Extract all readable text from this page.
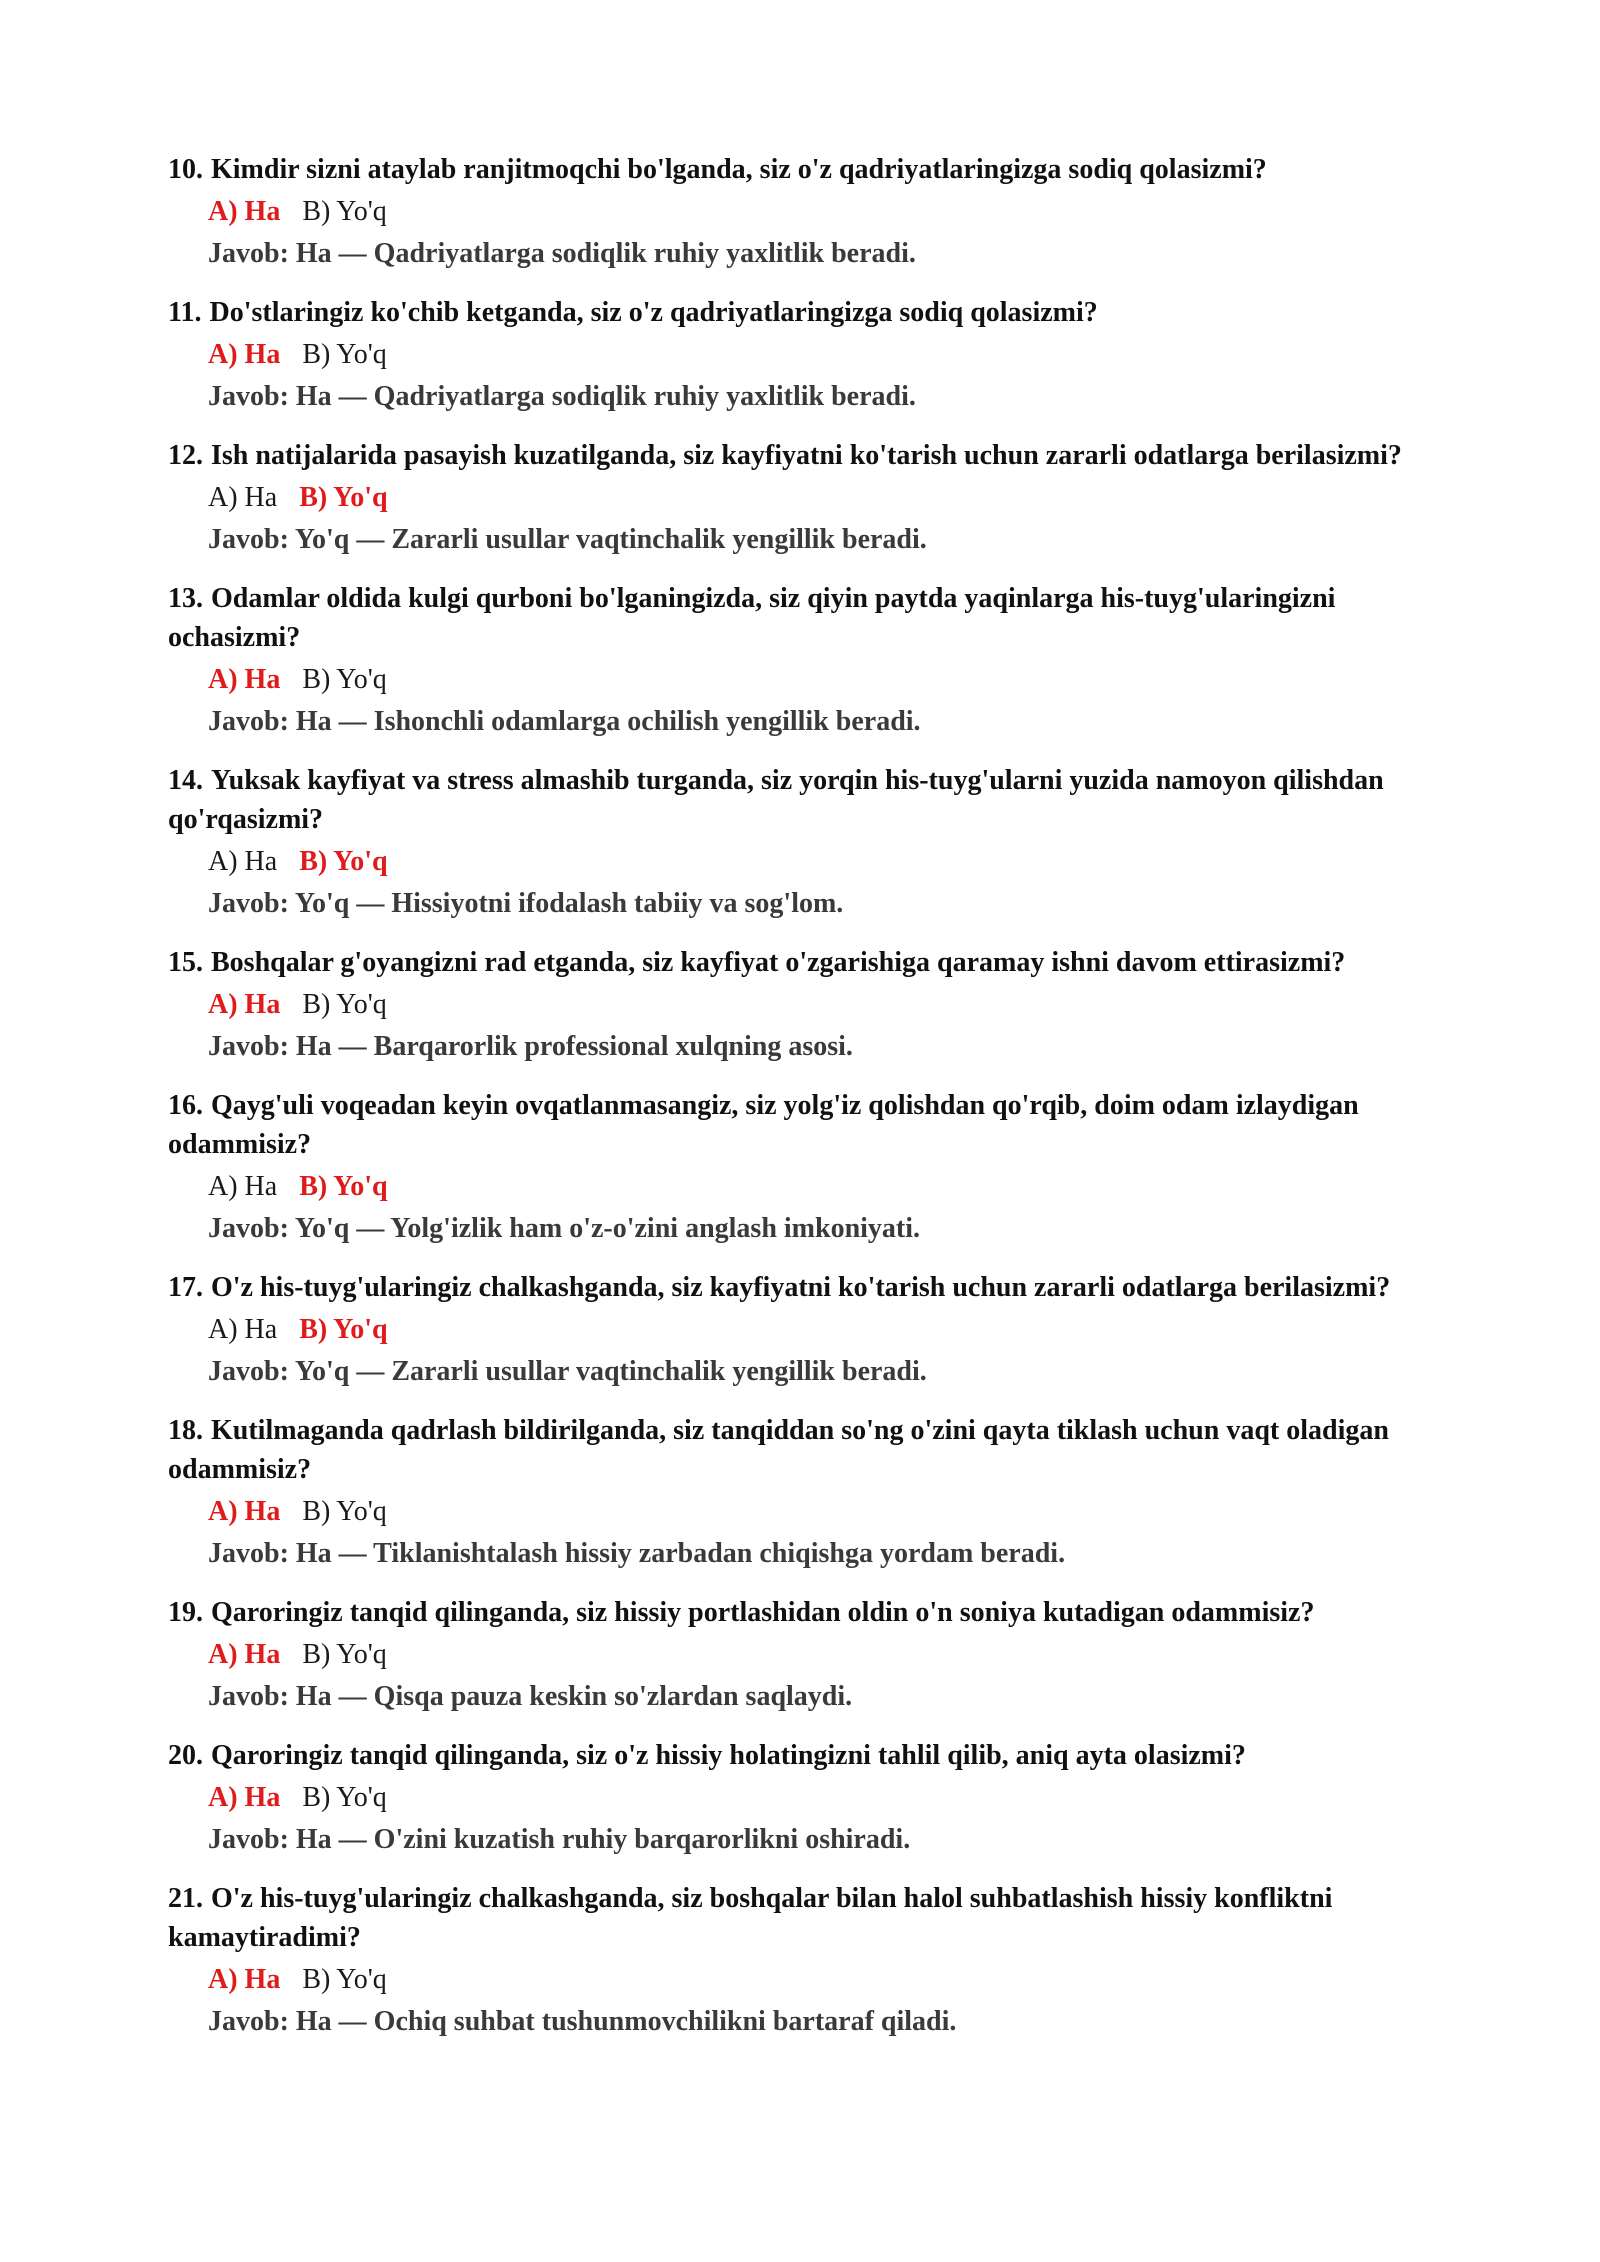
10. Kimdir sizni ataylab ranjitmoqchi bo'lganda, siz o'z qadriyatlaringizga sodiq qolasizmi?
A) Ha B) Yo'q
Javob: Ha — Qadriyatlarga sodiqlik ruhiy yaxlitlik beradi.
11. Do'stlaringiz ko'chib ketganda, siz o'z qadriyatlaringizga sodiq qolasizmi?
A) Ha B) Yo'q
Javob: Ha — Qadriyatlarga sodiqlik ruhiy yaxlitlik beradi.
12. Ish natijalarida pasayish kuzatilganda, siz kayfiyatni ko'tarish uchun zararli odatlarga berilasizmi?
A) Ha B) Yo'q
Javob: Yo'q — Zararli usullar vaqtinchalik yengillik beradi.
13. Odamlar oldida kulgi qurboni bo'lganingizda, siz qiyin paytda yaqinlarga his-tuyg'ularingizni ochasizmi?
A) Ha B) Yo'q
Javob: Ha — Ishonchli odamlarga ochilish yengillik beradi.
14. Yuksak kayfiyat va stress almashib turganda, siz yorqin his-tuyg'ularni yuzida namoyon qilishdan qo'rqasizmi?
A) Ha B) Yo'q
Javob: Yo'q — Hissiyotni ifodalash tabiiy va sog'lom.
15. Boshqalar g'oyangizni rad etganda, siz kayfiyat o'zgarishiga qaramay ishni davom ettirasizmi?
A) Ha B) Yo'q
Javob: Ha — Barqarorlik professional xulqning asosi.
16. Qayg'uli voqeadan keyin ovqatlanmasangiz, siz yolg'iz qolishdan qo'rqib, doim odam izlaydigan odammisiz?
A) Ha B) Yo'q
Javob: Yo'q — Yolg'izlik ham o'z-o'zini anglash imkoniyati.
17. O'z his-tuyg'ularingiz chalkashganda, siz kayfiyatni ko'tarish uchun zararli odatlarga berilasizmi?
A) Ha B) Yo'q
Javob: Yo'q — Zararli usullar vaqtinchalik yengillik beradi.
18. Kutilmaganda qadrlash bildirilganda, siz tanqiddan so'ng o'zini qayta tiklash uchun vaqt oladigan odammisiz?
A) Ha B) Yo'q
Javob: Ha — Tiklanishtalash hissiy zarbadan chiqishga yordam beradi.
19. Qaroringiz tanqid qilinganda, siz hissiy portlashidan oldin o'n soniya kutadigan odammisiz?
A) Ha B) Yo'q
Javob: Ha — Qisqa pauza keskin so'zlardan saqlaydi.
20. Qaroringiz tanqid qilinganda, siz o'z hissiy holatingizni tahlil qilib, aniq ayta olasizmi?
A) Ha B) Yo'q
Javob: Ha — O'zini kuzatish ruhiy barqarorlikni oshiradi.
21. O'z his-tuyg'ularingiz chalkashganda, siz boshqalar bilan halol suhbatlashish hissiy konfliktni kamaytiradimi?
A) Ha B) Yo'q
Javob: Ha — Ochiq suhbat tushunmovchilikni bartaraf qiladi.
